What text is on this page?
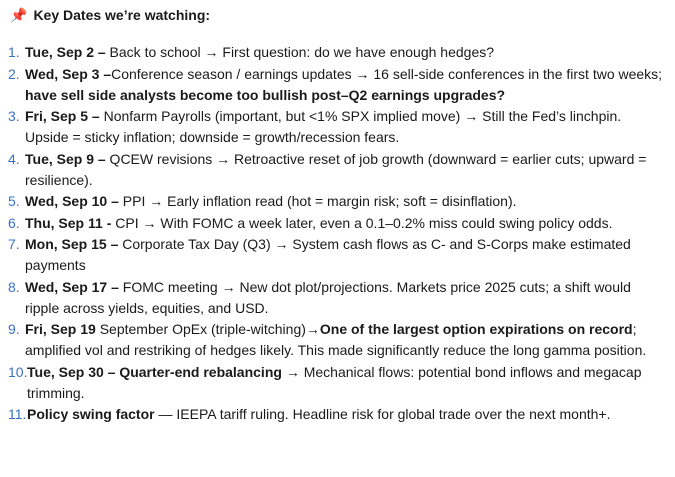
📌 Key Dates we’re watching:
1. Tue, Sep 2 – Back to school → First question: do we have enough hedges?
2. Wed, Sep 3 –Conference season / earnings updates → 16 sell-side conferences in the first two weeks; have sell side analysts become too bullish post–Q2 earnings upgrades?
3. Fri, Sep 5 – Nonfarm Payrolls (important, but <1% SPX implied move) → Still the Fed’s linchpin. Upside = sticky inflation; downside = growth/recession fears.
4. Tue, Sep 9 – QCEW revisions → Retroactive reset of job growth (downward = earlier cuts; upward = resilience).
5. Wed, Sep 10 – PPI → Early inflation read (hot = margin risk; soft = disinflation).
6. Thu, Sep 11 - CPI → With FOMC a week later, even a 0.1–0.2% miss could swing policy odds.
7. Mon, Sep 15 – Corporate Tax Day (Q3) → System cash flows as C- and S-Corps make estimated payments
8. Wed, Sep 17 – FOMC meeting → New dot plot/projections. Markets price 2025 cuts; a shift would ripple across yields, equities, and USD.
9. Fri, Sep 19 September OpEx (triple-witching)→One of the largest option expirations on record; amplified vol and restriking of hedges likely. This made significantly reduce the long gamma position.
10. Tue, Sep 30 – Quarter-end rebalancing → Mechanical flows: potential bond inflows and megacap trimming.
11. Policy swing factor — IEEPA tariff ruling. Headline risk for global trade over the next month+.
